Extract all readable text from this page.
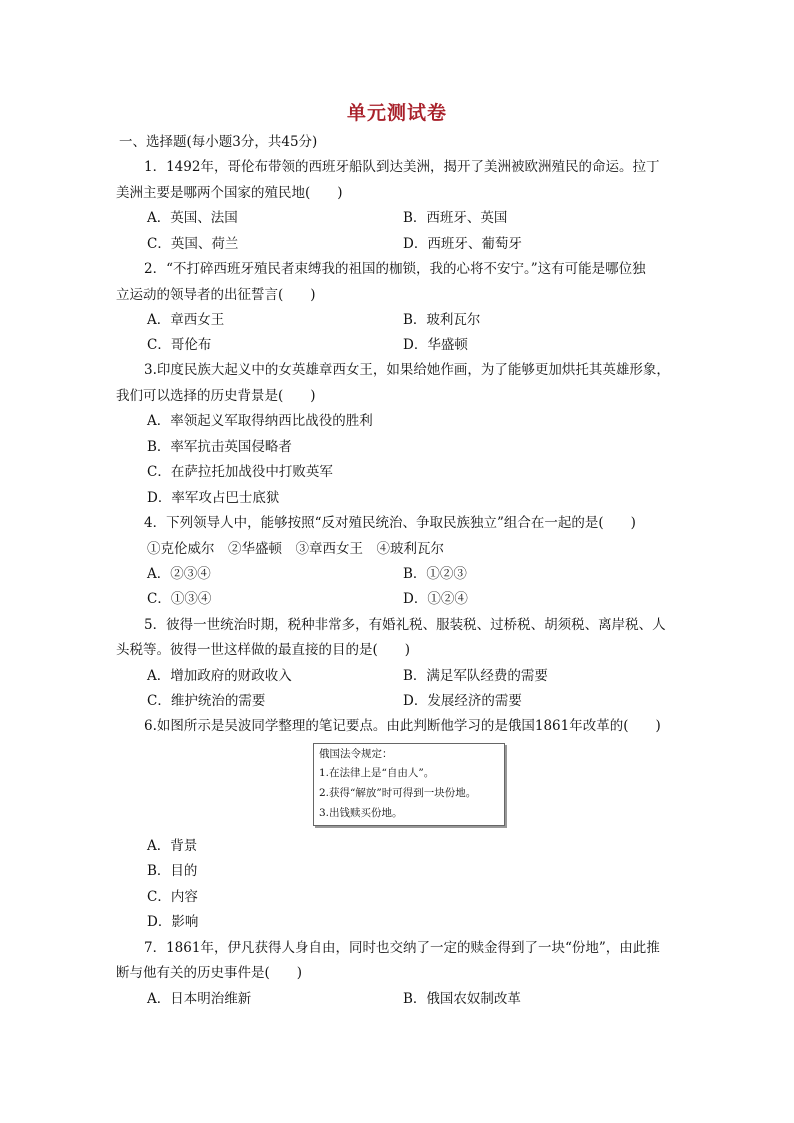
单元测试卷
一、选择题(每小题3分，共45分)
1．1492年，哥伦布带领的西班牙船队到达美洲，揭开了美洲被欧洲殖民的命运。拉丁
美洲主要是哪两个国家的殖民地(　　)
A．英国、法国	B．西班牙、英国
C．英国、荷兰	D．西班牙、葡萄牙
2．“不打碎西班牙殖民者束缚我的祖国的枷锁，我的心将不安宁。”这有可能是哪位独
立运动的领导者的出征誓言(　　)
A．章西女王	B．玻利瓦尔
C．哥伦布	D．华盛顿
3.印度民族大起义中的女英雄章西女王，如果给她作画，为了能够更加烘托其英雄形象，
我们可以选择的历史背景是(　　)
A．率领起义军取得纳西比战役的胜利
B．率军抗击英国侵略者
C．在萨拉托加战役中打败英军
D．率军攻占巴士底狱
4．下列领导人中，能够按照“反对殖民统治、争取民族独立”组合在一起的是(　　)
①克伦威尔　②华盛顿　③章西女王　④玻利瓦尔
A．②③④	B．①②③
C．①③④	D．①②④
5．彼得一世统治时期，税种非常多，有婚礼税、服装税、过桥税、胡须税、离岸税、人
头税等。彼得一世这样做的最直接的目的是(　　)
A．增加政府的财政收入	B．满足军队经费的需要
C．维护统治的需要	D．发展经济的需要
6.如图所示是吴波同学整理的笔记要点。由此判断他学习的是俄国1861年改革的(　　)
俄国法令规定：
1.在法律上是“自由人”。
2.获得“解放”时可得到一块份地。
3.出钱赎买份地。
A．背景
B．目的
C．内容
D．影响
7．1861年，伊凡获得人身自由，同时也交纳了一定的赎金得到了一块“份地”，由此推
断与他有关的历史事件是(　　)
A．日本明治维新	B．俄国农奴制改革
